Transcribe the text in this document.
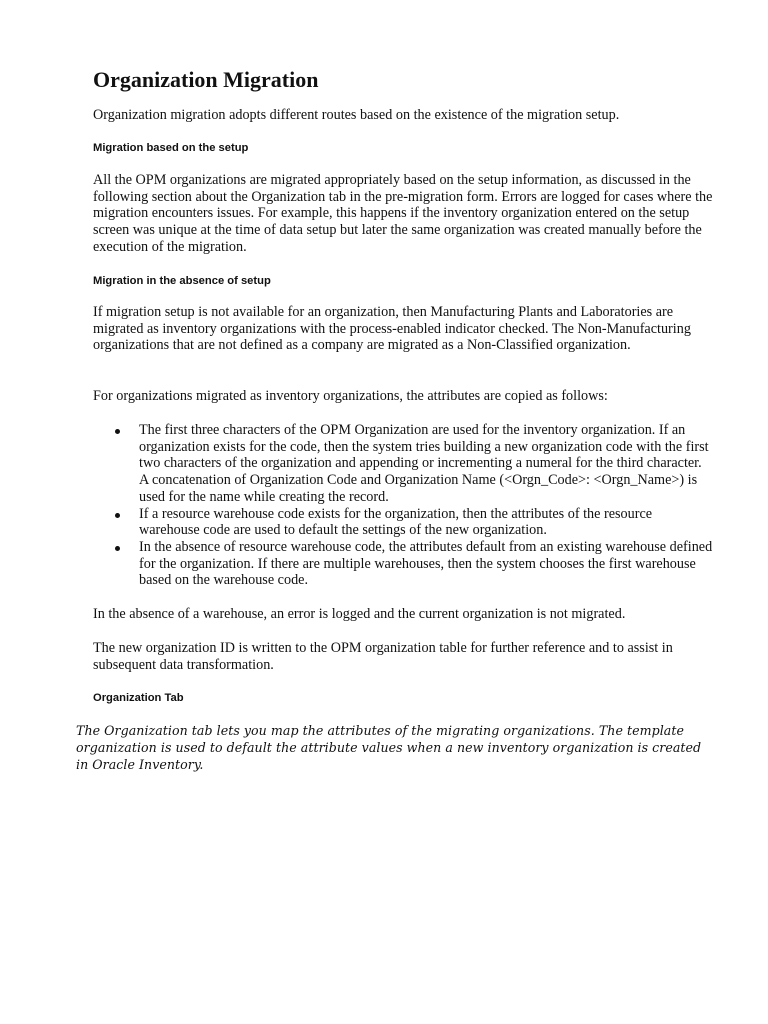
Organization Migration

Organization migration adopts different routes based on the existence of the migration setup.

Migration based on the setup

All the OPM organizations are migrated appropriately based on the setup information, as discussed in the following section about the Organization tab in the pre-migration form. Errors are logged for cases where the migration encounters issues. For example, this happens if the inventory organization entered on the setup screen was unique at the time of data setup but later the same organization was created manually before the execution of the migration.

Migration in the absence of setup

If migration setup is not available for an organization, then Manufacturing Plants and Laboratories are migrated as inventory organizations with the process-enabled indicator checked. The Non-Manufacturing organizations that are not defined as a company are migrated as a Non-Classified organization.

For organizations migrated as inventory organizations, the attributes are copied as follows:

The first three characters of the OPM Organization are used for the inventory organization. If an organization exists for the code, then the system tries building a new organization code with the first two characters of the organization and appending or incrementing a numeral for the third character. A concatenation of Organization Code and Organization Name (<Orgn_Code>: <Orgn_Name>) is used for the name while creating the record.
If a resource warehouse code exists for the organization, then the attributes of the resource warehouse code are used to default the settings of the new organization.
In the absence of resource warehouse code, the attributes default from an existing warehouse defined for the organization. If there are multiple warehouses, then the system chooses the first warehouse based on the warehouse code.

In the absence of a warehouse, an error is logged and the current organization is not migrated.

The new organization ID is written to the OPM organization table for further reference and to assist in subsequent data transformation.

Organization Tab

The Organization tab lets you map the attributes of the migrating organizations. The template organization is used to default the attribute values when a new inventory organization is created in Oracle Inventory.
